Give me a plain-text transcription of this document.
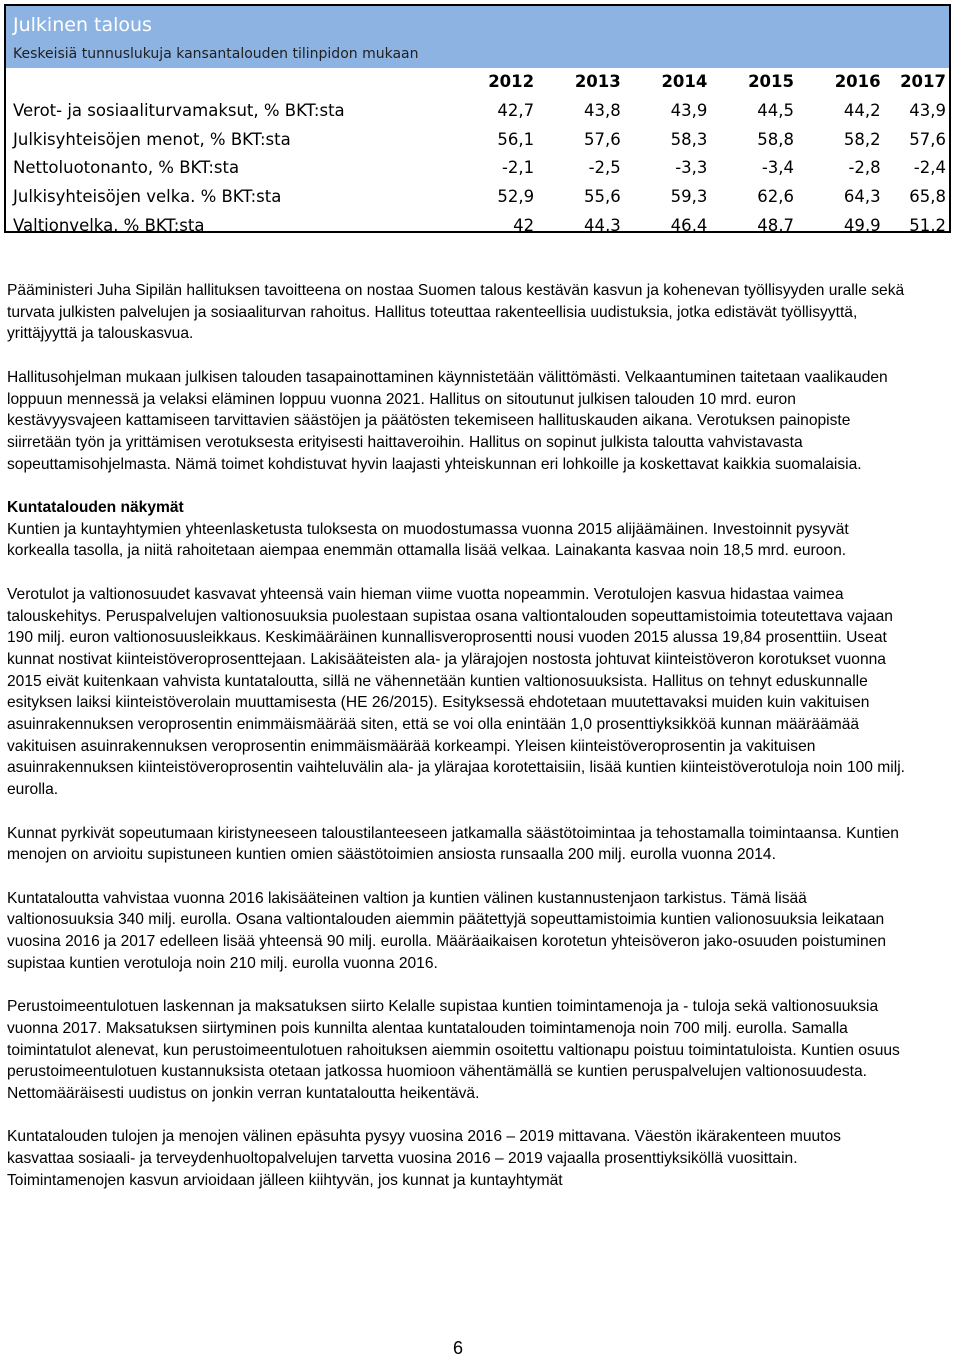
Julkinen talous
Keskeisiä tunnuslukuja kansantalouden tilinpidon mukaan
	2012	2013	2014	2015	2016	2017
Verot- ja sosiaaliturvamaksut, % BKT:sta	42,7	43,8	43,9	44,5	44,2	43,9
Julkisyhteisöjen menot, % BKT:sta	56,1	57,6	58,3	58,8	58,2	57,6
Nettoluotonanto, % BKT:sta	-2,1	-2,5	-3,3	-3,4	-2,8	-2,4
Julkisyhteisöjen velka. % BKT:sta	52,9	55,6	59,3	62,6	64,3	65,8
Valtionvelka, % BKT:sta	42	44,3	46,4	48,7	49,9	51,2

Pääministeri Juha Sipilän hallituksen tavoitteena on nostaa Suomen talous kestävän kasvun ja kohenevan työllisyyden uralle sekä turvata julkisten palvelujen ja sosiaaliturvan rahoitus. Hallitus toteuttaa rakenteellisia uudistuksia, jotka edistävät työllisyyttä, yrittäjyyttä ja talouskasvua.

Hallitusohjelman mukaan julkisen talouden tasapainottaminen käynnistetään välittömästi. Velkaantuminen taitetaan vaalikauden loppuun mennessä ja velaksi eläminen loppuu vuonna 2021. Hallitus on sitoutunut julkisen talouden 10 mrd. euron kestävyysvajeen kattamiseen tarvittavien säästöjen ja päätösten tekemiseen hallituskauden aikana. Verotuksen painopiste siirretään työn ja yrittämisen verotuksesta erityisesti haittaveroihin. Hallitus on sopinut julkista taloutta vahvistavasta sopeuttamisohjelmasta. Nämä toimet kohdistuvat hyvin laajasti yhteiskunnan eri lohkoille ja koskettavat kaikkia suomalaisia.

Kuntatalouden näkymät

Kuntien ja kuntayhtymien yhteenlasketusta tuloksesta on muodostumassa vuonna 2015 alijäämäinen. Investoinnit pysyvät korkealla tasolla, ja niitä rahoitetaan aiempaa enemmän ottamalla lisää velkaa. Lainakanta kasvaa noin 18,5 mrd. euroon.

Verotulot ja valtionosuudet kasvavat yhteensä vain hieman viime vuotta nopeammin. Verotulojen kasvua hidastaa vaimea talouskehitys. Peruspalvelujen valtionosuuksia puolestaan supistaa osana valtiontalouden sopeuttamistoimia toteutettava vajaan 190 milj. euron valtionosuusleikkaus. Keskimääräinen kunnallisveroprosentti nousi vuoden 2015 alussa 19,84 prosenttiin. Useat kunnat nostivat kiinteistöveroprosenttejaan. Lakisääteisten ala- ja ylärajojen nostosta johtuvat kiinteistöveron korotukset vuonna 2015 eivät kuitenkaan vahvista kuntataloutta, sillä ne vähennetään kuntien valtionosuuksista. Hallitus on tehnyt eduskunnalle esityksen laiksi kiinteistöverolain muuttamisesta (HE 26/2015). Esityksessä ehdotetaan muutettavaksi muiden kuin vakituisen asuinrakennuksen veroprosentin enimmäismäärää siten, että se voi olla enintään 1,0 prosenttiyksikköä kunnan määräämää vakituisen asuinrakennuksen veroprosentin enimmäismäärää korkeampi. Yleisen kiinteistöveroprosentin ja vakituisen asuinrakennuksen kiinteistöveroprosentin vaihteluvälin ala- ja ylärajaa korotettaisiin, lisää kuntien kiinteistöverotuloja noin 100 milj. eurolla.

Kunnat pyrkivät sopeutumaan kiristyneeseen taloustilanteeseen jatkamalla säästötoimintaa ja tehostamalla toimintaansa. Kuntien menojen on arvioitu supistuneen kuntien omien säästötoimien ansiosta runsaalla 200 milj. eurolla vuonna 2014.

Kuntataloutta vahvistaa vuonna 2016 lakisääteinen valtion ja kuntien välinen kustannustenjaon tarkistus. Tämä lisää valtionosuuksia 340 milj. eurolla. Osana valtiontalouden aiemmin päätettyjä sopeuttamistoimia kuntien valionosuuksia leikataan vuosina 2016 ja 2017 edelleen lisää yhteensä 90 milj. eurolla. Määräaikaisen korotetun yhteisöveron jako-osuuden poistuminen supistaa kuntien verotuloja noin 210 milj. eurolla vuonna 2016.

Perustoimeentulotuen laskennan ja maksatuksen siirto Kelalle supistaa kuntien toimintamenoja ja - tuloja sekä valtionosuuksia vuonna 2017. Maksatuksen siirtyminen pois kunnilta alentaa kuntatalouden toimintamenoja noin 700 milj. eurolla. Samalla toimintatulot alenevat, kun perustoimeentulotuen rahoituksen aiemmin osoitettu valtionapu poistuu toimintatuloista. Kuntien osuus perustoimeentulotuen kustannuksista otetaan jatkossa huomioon vähentämällä se kuntien peruspalvelujen valtionosuudesta. Nettomääräisesti uudistus on jonkin verran kuntataloutta heikentävä.

Kuntatalouden tulojen ja menojen välinen epäsuhta pysyy vuosina 2016 – 2019 mittavana. Väestön ikärakenteen muutos kasvattaa sosiaali- ja terveydenhuoltopalvelujen tarvetta vuosina 2016 – 2019 vajaalla prosenttiyksiköllä vuosittain. Toimintamenojen kasvun arvioidaan jälleen kiihtyvän, jos kunnat ja kuntayhtymät

6
